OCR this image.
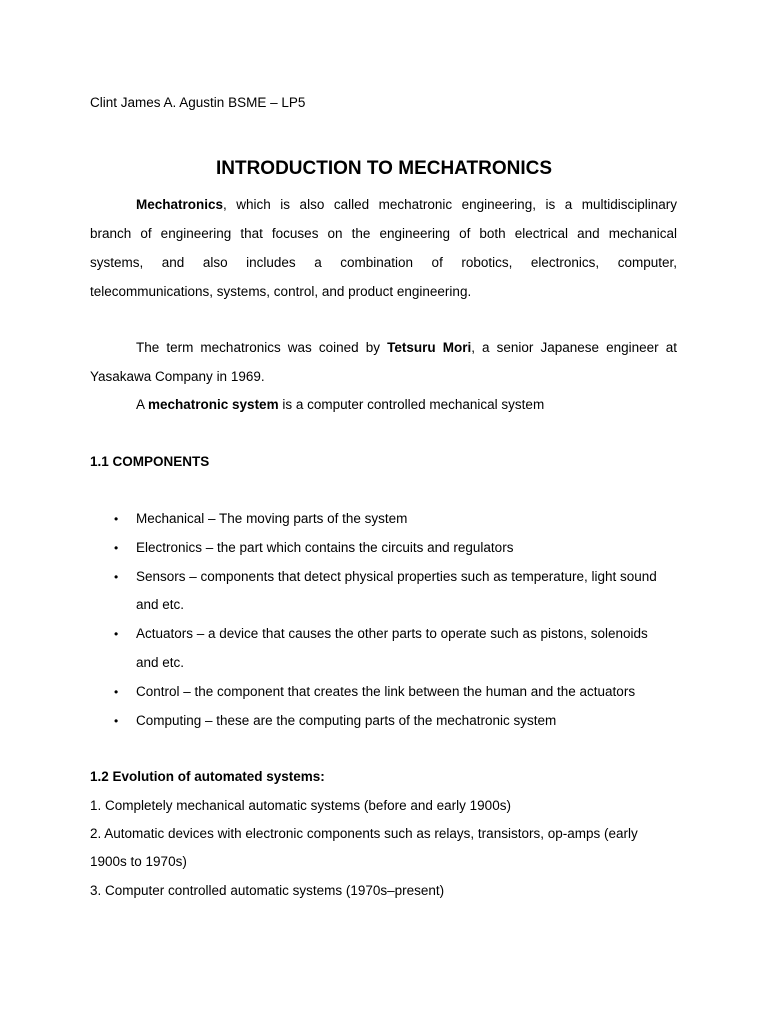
Clint James A. Agustin BSME – LP5
INTRODUCTION TO MECHATRONICS
Mechatronics, which is also called mechatronic engineering, is a multidisciplinary
branch of engineering that focuses on the engineering of both electrical and mechanical
systems, and also includes a combination of robotics, electronics, computer,
telecommunications, systems, control, and product engineering.
The term mechatronics was coined by Tetsuru Mori, a senior Japanese engineer at
Yasakawa Company in 1969.
A mechatronic system is a computer controlled mechanical system
1.1 COMPONENTS
• Mechanical – The moving parts of the system
• Electronics – the part which contains the circuits and regulators
• Sensors – components that detect physical properties such as temperature, light sound
and etc.
• Actuators – a device that causes the other parts to operate such as pistons, solenoids
and etc.
• Control – the component that creates the link between the human and the actuators
• Computing – these are the computing parts of the mechatronic system
1.2 Evolution of automated systems:
1. Completely mechanical automatic systems (before and early 1900s)
2. Automatic devices with electronic components such as relays, transistors, op-amps (early
1900s to 1970s)
3. Computer controlled automatic systems (1970s–present)
